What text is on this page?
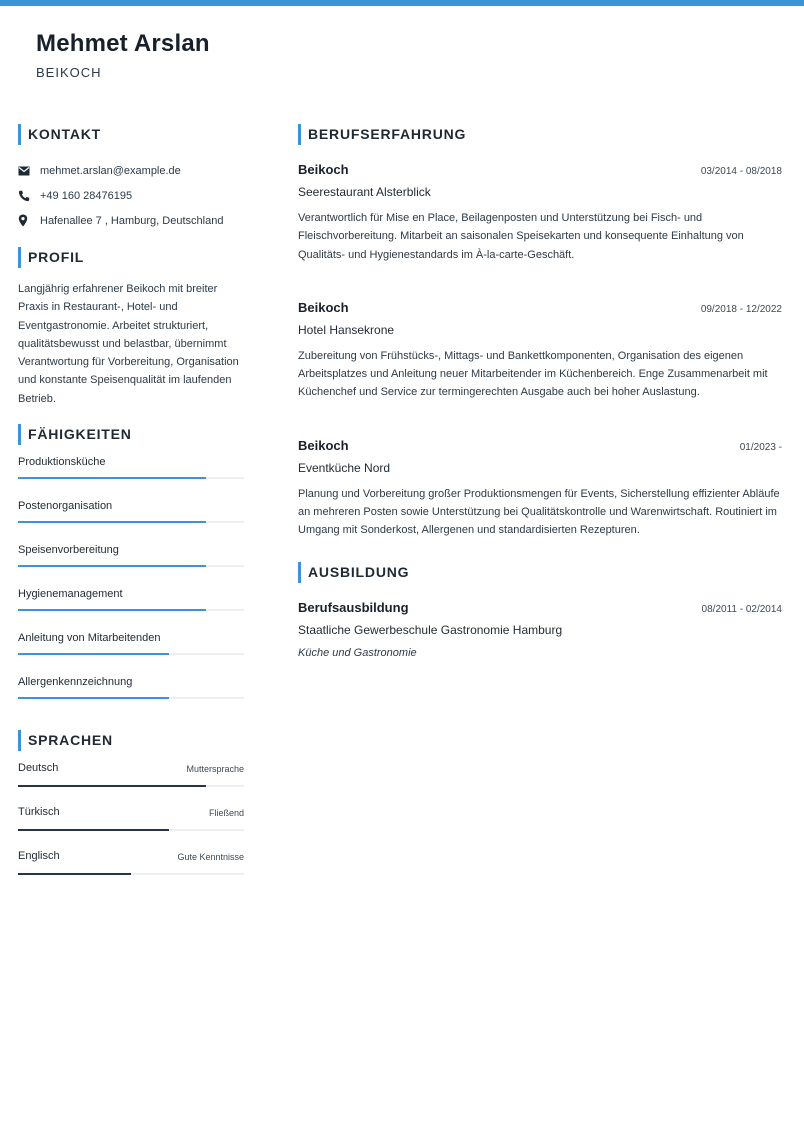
Mehmet Arslan
BEIKOCH
KONTAKT
mehmet.arslan@example.de
+49 160 28476195
Hafenallee 7 , Hamburg, Deutschland
PROFIL
Langjährig erfahrener Beikoch mit breiter Praxis in Restaurant-, Hotel- und Eventgastronomie. Arbeitet strukturiert, qualitätsbewusst und belastbar, übernimmt Verantwortung für Vorbereitung, Organisation und konstante Speisenqualität im laufenden Betrieb.
FÄHIGKEITEN
Produktionsküche
Postenorganisation
Speisenvorbereitung
Hygienemanagement
Anleitung von Mitarbeitenden
Allergenkennzeichnung
SPRACHEN
Deutsch	Muttersprache
Türkisch	Fließend
Englisch	Gute Kenntnisse
BERUFSERFAHRUNG
Beikoch	03/2014 - 08/2018
Seerestaurant Alsterblick
Verantwortlich für Mise en Place, Beilagenposten und Unterstützung bei Fisch- und Fleischvorbereitung. Mitarbeit an saisonalen Speisekarten und konsequente Einhaltung von Qualitäts- und Hygienestandards im À-la-carte-Geschäft.
Beikoch	09/2018 - 12/2022
Hotel Hansekrone
Zubereitung von Frühstücks-, Mittags- und Bankettkomponenten, Organisation des eigenen Arbeitsplatzes und Anleitung neuer Mitarbeitender im Küchenbereich. Enge Zusammenarbeit mit Küchenchef und Service zur termingerechten Ausgabe auch bei hoher Auslastung.
Beikoch	01/2023 -
Eventküche Nord
Planung und Vorbereitung großer Produktionsmengen für Events, Sicherstellung effizienter Abläufe an mehreren Posten sowie Unterstützung bei Qualitätskontrolle und Warenwirtschaft. Routiniert im Umgang mit Sonderkost, Allergenen und standardisierten Rezepturen.
AUSBILDUNG
Berufsausbildung	08/2011 - 02/2014
Staatliche Gewerbeschule Gastronomie Hamburg
Küche und Gastronomie
